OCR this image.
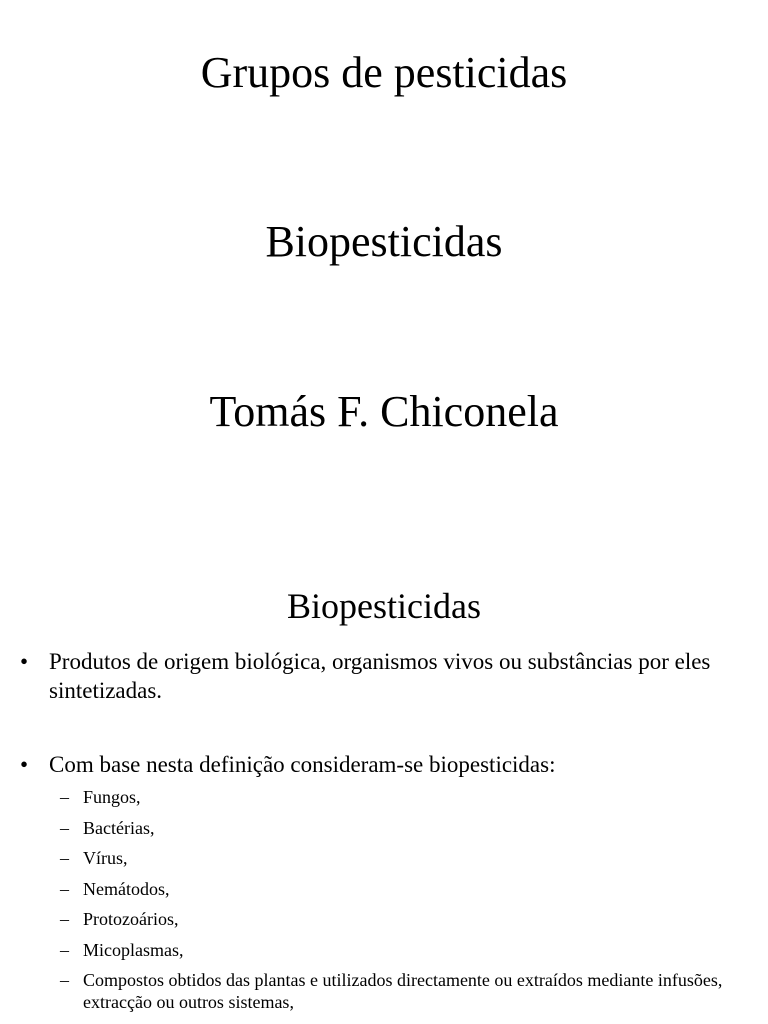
Grupos de pesticidas
Biopesticidas
Tomás F. Chiconela
Biopesticidas
• Produtos de origem biológica, organismos vivos ou substâncias por eles sintetizadas.
• Com base nesta definição consideram-se biopesticidas:
– Fungos,
– Bactérias,
– Vírus,
– Nemátodos,
– Protozoários,
– Micoplasmas,
– Compostos obtidos das plantas e utilizados directamente ou extraídos mediante infusões, extracção ou outros sistemas,
